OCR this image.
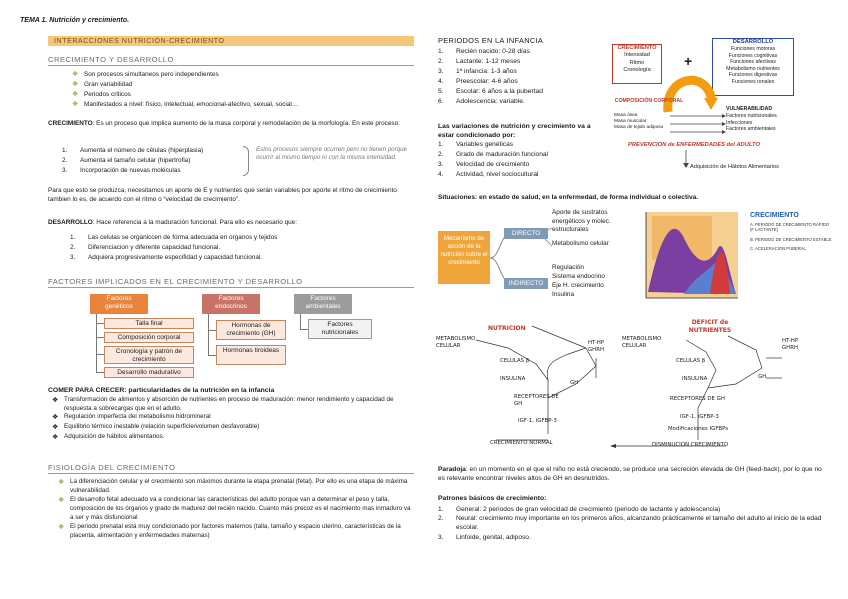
TEMA 1. Nutrición y crecimiento.
INTERACCIONES NUTRICIÓN-CRECIMIENTO
CRECIMIENTO Y DESARROLLO
❖ Son procesos simultaneos pero independientes
❖ Gran variabilidad
❖ Periodos criticos
❖ Manifestados a nivel: físico, intelectual, emocional-afectivo, sexual, social…
CRECIMIENTO: Es un proceso que implica aumento de la masa corporal y remodelación de la morfología. En este proceso:
1. Aumenta el número de células (hiperplasia)
2. Aumenta el tamaño celular (hipertrofia)
3. Incorporación de nuevas moléculas
Estos procesos siempre ocurren pero no tienen porque ocurrir al mismo tiempo ni con la misma intensidad.
Para que esto se produzca, necesitamos un aporte de E y nutrientes que serán variables por aporte el ritmo de crecimiento tambien lo es, de acuerdo con el ritmo o “velocidad de crecimiento”.
DESARROLLO: Hace referencia a la maduración funcional. Para ello es necesario que:
1. Las celulas se organiccen de forma adecuada en organos y tejidos
2. Diferenciacion y diferente capacidad funcional.
3. Adquiera progresivamente especifidad y capacidad funcional.
FACTORES IMPLICADOS EN EL CRECIMIENTO Y DESARROLLO
Factores genéticos
Talla final
Composición corporal
Cronología y patrón de crecimiento
Desarrollo madurativo
Factores endocrinos
Hormonas de crecimiento (GH)
Hormonas tiroideas
Factores ambientales
Factores nutricionales
COMER PARA CRECER: particularidades de la nutrición en la infancia
❖ Transformación de alimentos y absorción de nutrientes en proceso de maduración: menor rendimiento y capacidad de respuesta a sobrecargas que en el adulto.
❖ Regulación imperfecta del metabolismo hidromineral
❖ Equilibrio térmico inestable (relación superficie/volumen desfavorable)
❖ Adquisición de hábitos alimentarios.
FISIOLOGÍA DEL CRECIMIENTO
❖ La diferenciación celular y el crecimiento son máximos durante la etapa prenatal (fetal). Por ello es una etapa de máxima vulnerabilidad.
❖ El desarrollo fetal adecuado va a condicionar las características del adulto porque van a determinar el peso y talla, composición de los órganos y grado de madurez del recién nacido. Cuanto más precoz es el nacimiento mas inmaduro va a ser y más disfuncional
❖ El periodo prenatal está muy condicionado por factores maternos (talla, tamaño y espacio uterino, características de la placenta, alimentación y enfermedades maternas)
PERIODOS EN LA INFANCIA
1. Recién nacido: 0-28 días
2. Lactante: 1-12 meses
3. 1ª infancia: 1-3 años
4. Preescolar: 4-6 años
5. Escolar: 6 años a la pubertad
6. Adolescencia: variable.
Las variaciones de nutrición y crecimiento va a estar condicionado por:
1. Variables genéticas
2. Grado de maduración funcional
3. Velocidad de crecimiento
4. Actividad, nivel sociocultural
CRECIMIENTO
Intensidad
Ritmo
Cronología
+
DESARROLLO
Funciones motoras
Funciones cognitivas
Funciones afectivas
Metabolismo nutrientes
Funciones digestivas
Funciones renales
COMPOSICIÓN CORPORAL
Masa ósea
Masa muscular
Masa de tejido adiposo
VULNERABILIDAD
Factores nutricionales
Infecciones
Factores ambientales
PREVENCION de ENFERMEDADES del ADULTO
Adquisición de Hábitos Alimentarios
Situaciones: en estado de salud, en la enfermedad, de forma individual o colectiva.
Mecanismo de acción de la nutrición sobre el crecimiento
DIRECTO
INDIRECTO
Aporte de sustratos energéticos y molec. estructurales
Metabolismo celular
Regulación
Sistema endocrino
Eje H. crecimiento
Insulina
CRECIMIENTO
A. PERIODO DE CRECIMIENTO RÁPIDO (F LACTANTE)
B. PERIODO DE CRECIMIENTO ESTABLE
C. ACELERACION PUBERAL
NUTRICION
DEFICIT de NUTRIENTES
METABOLISMO CELULAR
METABOLISMO CELULAR
CELULAS β	CELULAS β
INSULINA	INSULINA
HT-HP GHRH
HT-HP GHRH
GH
GH
RECEPTORES DE GH
RECEPTORES DE GH
IGF-1, IGFBP-3
IGF-1, IGFBP-3
Modificaciones IGFBPs
CRECIMIENTO NORMAL	DISMINUCION CRECIMIENTO
Paradoja: en un momento en el que el niño no está creciendo, se produce una secreción elevada de GH (feed-back), por lo que no es relevante encontrar niveles altos de GH en desnutridos.
Patrones básicos de crecimiento:
1.	General: 2 periodos de gran velocidad de crecimiento (periodo de lactante y adolescencia)
2.	Neural: crecimiento muy importante en los primeros años, alcanzando prácticamente el tamaño del adulto al inicio de la edad escolar.
3.	Linfoide, genital, adiposo.
